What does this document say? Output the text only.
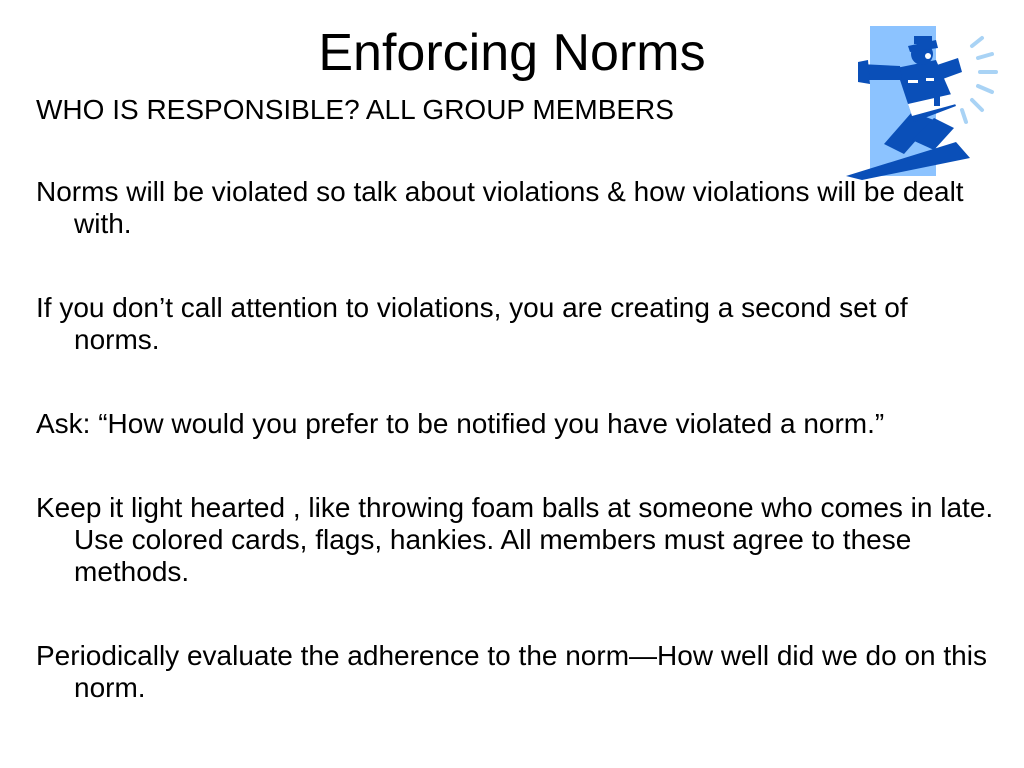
Enforcing Norms
WHO IS RESPONSIBLE? ALL GROUP MEMBERS
Norms will be violated so talk about violations & how violations will be dealt with.
If you don’t call attention to violations, you are creating a second set of norms.
Ask: “How would you prefer to be notified you have violated a norm.”
Keep it light hearted , like throwing foam balls at someone who comes in late. Use colored cards, flags, hankies. All members must agree to these methods.
Periodically evaluate the adherence to the norm—How well did we do on this norm.
